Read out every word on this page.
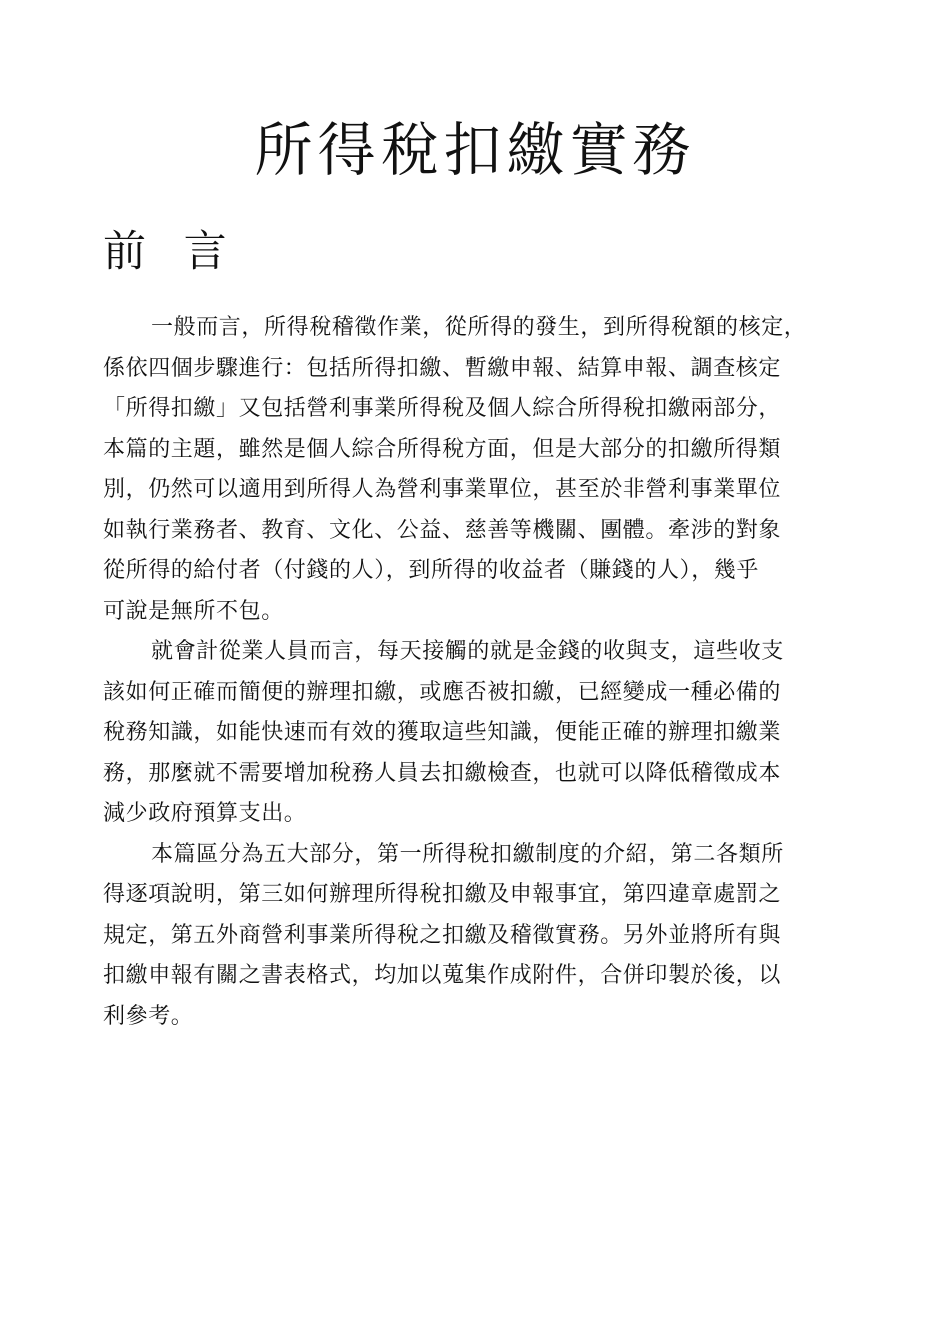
所得稅扣繳實務
前 言
一般而言，所得稅稽徵作業，從所得的發生，到所得稅額的核定，
係依四個步驟進行：包括所得扣繳、暫繳申報、結算申報、調查核定
「所得扣繳」又包括營利事業所得稅及個人綜合所得稅扣繳兩部分，
本篇的主題，雖然是個人綜合所得稅方面，但是大部分的扣繳所得類
別，仍然可以適用到所得人為營利事業單位，甚至於非營利事業單位
如執行業務者、教育、文化、公益、慈善等機關、團體。牽涉的對象
從所得的給付者（付錢的人），到所得的收益者（賺錢的人），幾乎
可說是無所不包。
就會計從業人員而言，每天接觸的就是金錢的收與支，這些收支
該如何正確而簡便的辦理扣繳，或應否被扣繳，已經變成一種必備的
稅務知識，如能快速而有效的獲取這些知識，便能正確的辦理扣繳業
務，那麼就不需要增加稅務人員去扣繳檢查，也就可以降低稽徵成本
減少政府預算支出。
本篇區分為五大部分，第一所得稅扣繳制度的介紹，第二各類所
得逐項說明，第三如何辦理所得稅扣繳及申報事宜，第四違章處罰之
規定，第五外商營利事業所得稅之扣繳及稽徵實務。另外並將所有與
扣繳申報有關之書表格式，均加以蒐集作成附件，合併印製於後，以
利參考。
